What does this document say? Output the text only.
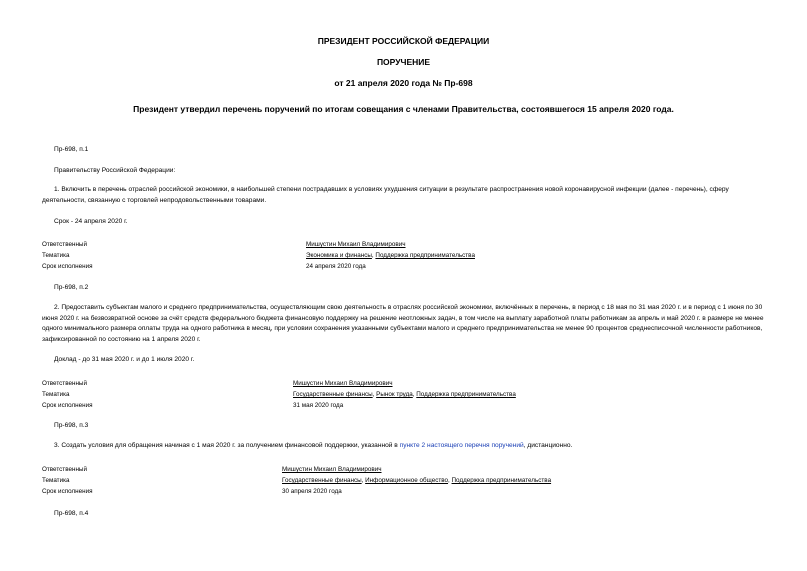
ПРЕЗИДЕНТ РОССИЙСКОЙ ФЕДЕРАЦИИ
ПОРУЧЕНИЕ
от 21 апреля 2020 года № Пр-698
Президент утвердил перечень поручений по итогам совещания с членами Правительства, состоявшегося 15 апреля 2020 года.
Пр-698, п.1
Правительству Российской Федерации:
1. Включить в перечень отраслей российской экономики, в наибольшей степени пострадавших в условиях ухудшения ситуации в результате распространения новой коронавирусной инфекции (далее - перечень), сферу деятельности, связанную с торговлей непродовольственными товарами.
Срок - 24 апреля 2020 г.
Ответственный
Тематика
Срок исполнения
Мишустин Михаил Владимирович
Экономика и финансы, Поддержка предпринимательства
24 апреля 2020 года
Пр-698, п.2
2. Предоставить субъектам малого и среднего предпринимательства, осуществляющим свою деятельность в отраслях российской экономики, включённых в перечень, в период с 18 мая по 31 мая 2020 г. и в период с 1 июня по 30 июня 2020 г. на безвозвратной основе за счёт средств федерального бюджета финансовую поддержку на решение неотложных задач, в том числе на выплату заработной платы работникам за апрель и май 2020 г. в размере не менее одного минимального размера оплаты труда на одного работника в месяц, при условии сохранения указанными субъектами малого и среднего предпринимательства не менее 90 процентов среднесписочной численности работников, зафиксированной по состоянию на 1 апреля 2020 г.
Доклад - до 31 мая 2020 г. и до 1 июля 2020 г.
Ответственный
Тематика
Срок исполнения
Мишустин Михаил Владимирович
Государственные финансы, Рынок труда, Поддержка предпринимательства
31 мая 2020 года
Пр-698, п.3
3. Создать условия для обращения начиная с 1 мая 2020 г. за получением финансовой поддержки, указанной в пункте 2 настоящего перечня поручений, дистанционно.
Ответственный
Тематика
Срок исполнения
Мишустин Михаил Владимирович
Государственные финансы, Информационное общество, Поддержка предпринимательства
30 апреля 2020 года
Пр-698, п.4
